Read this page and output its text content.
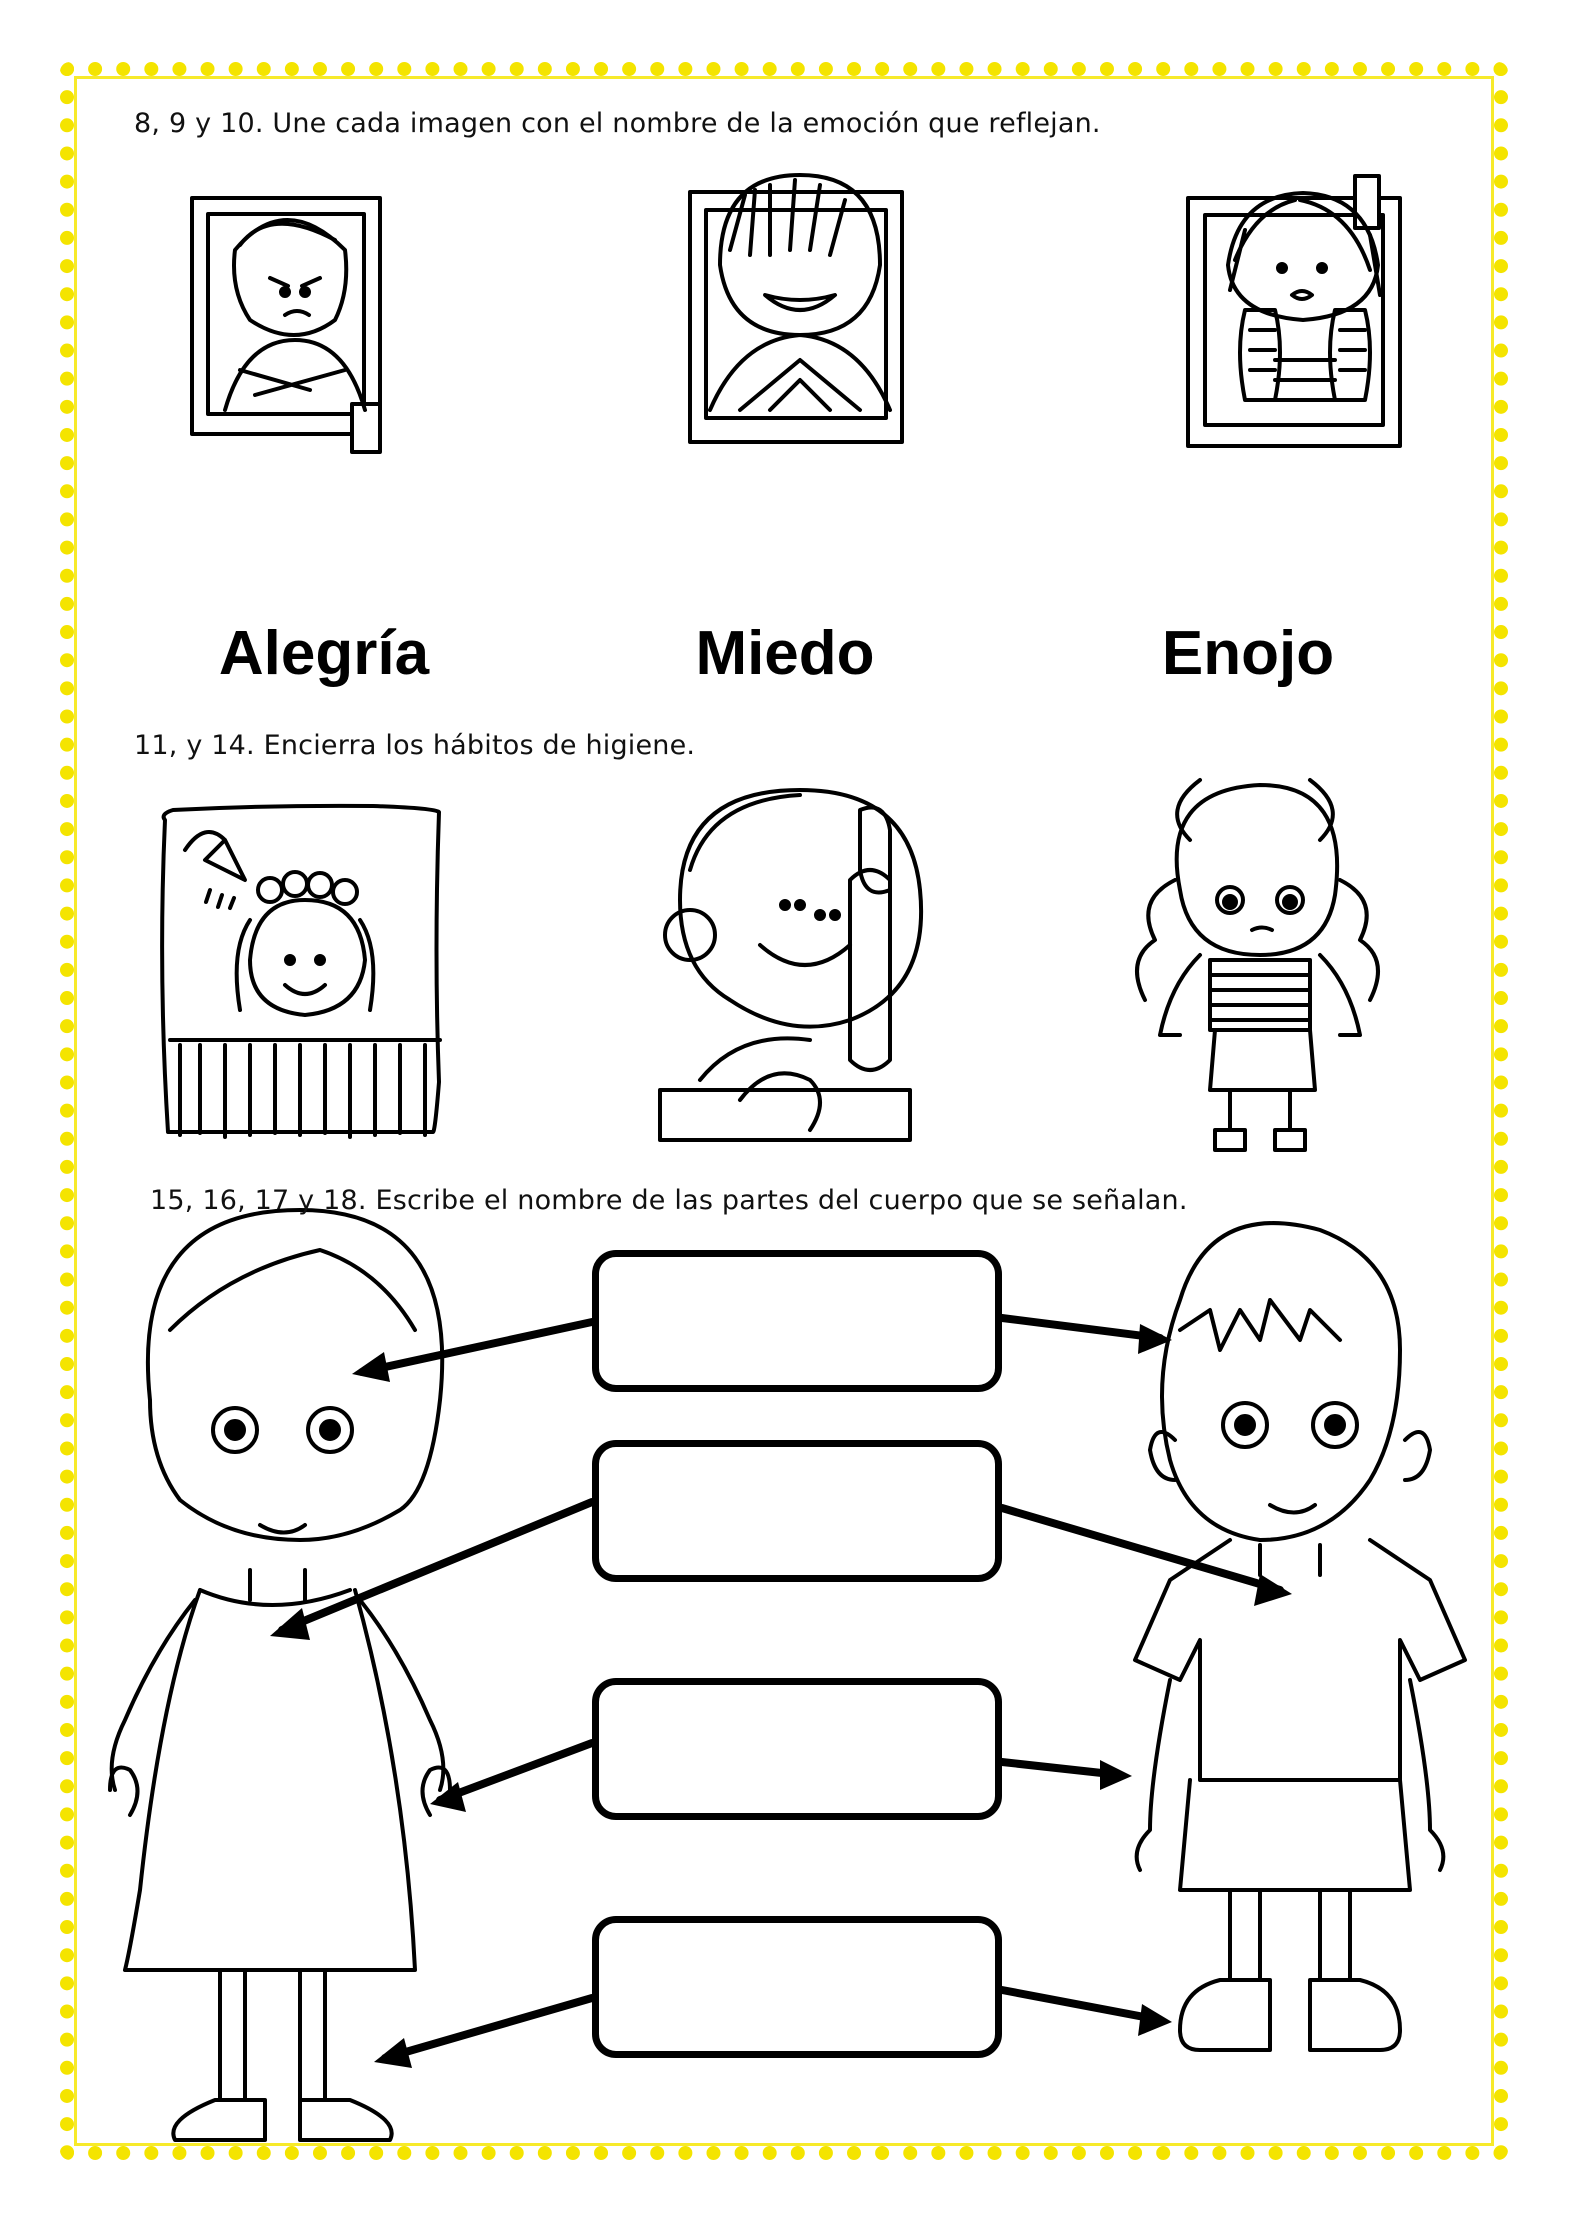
8, 9 y 10. Une cada imagen con el nombre de la emoción que reflejan.
Alegría	Miedo	Enojo
11, y 14. Encierra los hábitos de higiene.
15, 16, 17 y 18. Escribe el nombre de las partes del cuerpo que se señalan.
